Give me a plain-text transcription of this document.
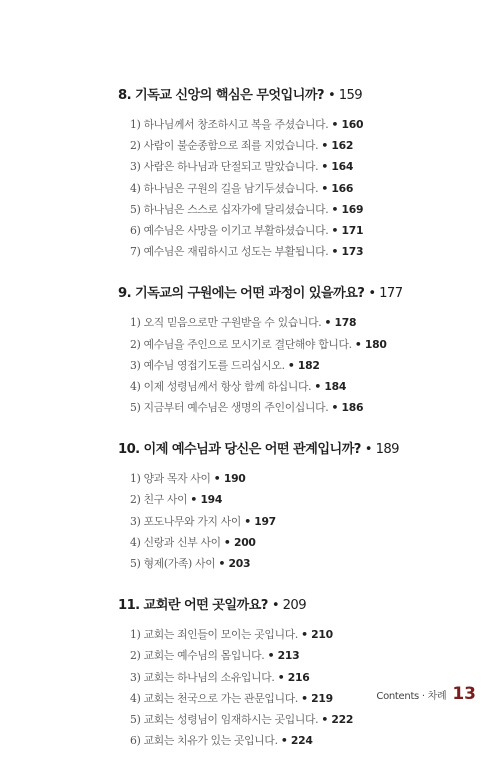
8. 기독교 신앙의 핵심은 무엇입니까? • 159
1) 하나님께서 창조하시고 복을 주셨습니다. • 160
2) 사람이 불순종함으로 죄를 지었습니다. • 162
3) 사람은 하나님과 단절되고 말았습니다. • 164
4) 하나님은 구원의 길을 남기두셨습니다. • 166
5) 하나님은 스스로 십자가에 달리셨습니다. • 169
6) 예수님은 사망을 이기고 부활하셨습니다. • 171
7) 예수님은 재림하시고 성도는 부활됩니다. • 173
9. 기독교의 구원에는 어떤 과정이 있을까요? • 177
1) 오직 믿음으로만 구원받을 수 있습니다. • 178
2) 예수님을 주인으로 모시기로 결단해야 합니다. • 180
3) 예수님 영접기도를 드리십시오. • 182
4) 이제 성령님께서 항상 함께 하십니다. • 184
5) 지금부터 예수님은 생명의 주인이십니다. • 186
10. 이제 예수님과 당신은 어떤 관계입니까? • 189
1) 양과 목자 사이 • 190
2) 친구 사이 • 194
3) 포도나무와 가지 사이 • 197
4) 신랑과 신부 사이 • 200
5) 형제(가족) 사이 • 203
11. 교회란 어떤 곳일까요? • 209
1) 교회는 죄인들이 모이는 곳입니다. • 210
2) 교회는 예수님의 몸입니다. • 213
3) 교회는 하나님의 소유입니다. • 216
4) 교회는 천국으로 가는 관문입니다. • 219
5) 교회는 성령님이 임재하시는 곳입니다. • 222
6) 교회는 치유가 있는 곳입니다. • 224
Contents · 차례 13
